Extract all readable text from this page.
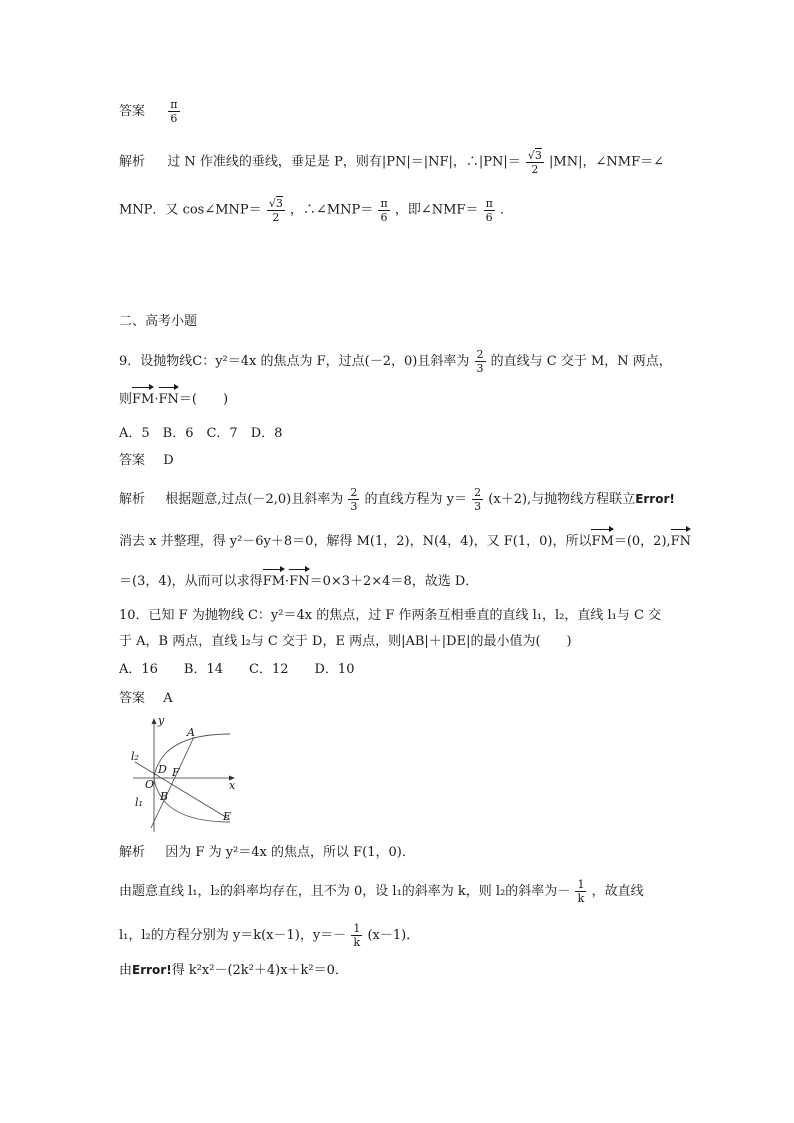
答案 $\frac{\pi}{6}$
解析 过 N 作准线的垂线，垂足是 P，则有|PN|＝|NF|，∴|PN|＝ $\frac{√3}{2} |MN|$，∠NMF＝∠
MNP．又 cos∠MNP＝ $\frac{√3}{2}$ ，∴∠MNP＝ $\frac{\pi}{6}$ ，即∠NMF＝ $\frac{\pi}{6}$ ．
二、高考小题
9．设抛物线C：y²＝4x 的焦点为 F，过点(－2，0)且斜率为 $\frac{2}{3}$ 的直线与 C 交于 M，N 两点，
则FM·FN＝(　　)
A．5　B．6　C．7　D．8
答案 D
解析 根据题意,过点(－2,0)且斜率为 $\frac{2}{3}$ 的直线方程为 $y= \frac{2}{3} (x+2)$,与抛物线方程联立Error!
消去 x 并整理，得 y²－6y＋8＝0，解得 M(1，2)，N(4，4)，又 F(1，0)，所以FM＝(0，2),FN
＝(3，4)，从而可以求得FM·FN＝0×3＋2×4＝8，故选 D．
10．已知 F 为抛物线 C：y²＝4x 的焦点，过 F 作两条互相垂直的直线 l₁，l₂，直线 l₁与 C 交
于 A，B 两点，直线 l₂与 C 交于 D，E 两点，则|AB|＋|DE|的最小值为(　　)
A．16　　B．14　　C．12　　D．10
答案 A
y
x
l₂
l₁
O
D F
B
A
E
解析 因为 F 为 y²＝4x 的焦点，所以 F(1，0)．
由题意直线 l₁，l₂的斜率均存在，且不为 0，设 l₁的斜率为 k，则 l₂的斜率为－ $\frac{1}{k}$ ，故直线
l₁，l₂的方程分别为 y＝k(x－1)，$y=- \frac{1}{k} (x-1)$．
由Error!得 k²x²－(2k²＋4)x＋k²＝0．
